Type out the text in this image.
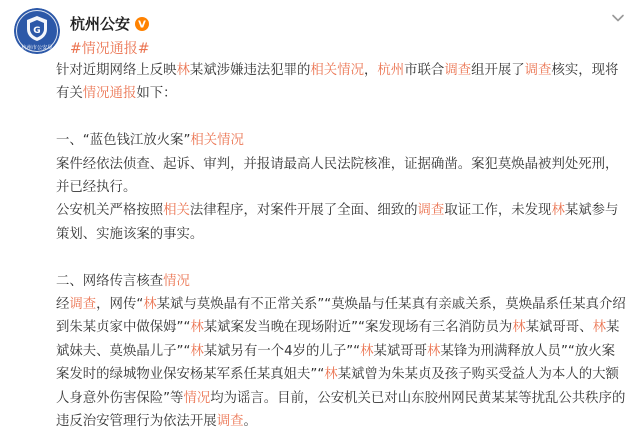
G
杭州市公安局
杭州公安 V
#情况通报#

针对近期网络上反映林某斌涉嫌违法犯罪的相关情况，杭州市联合调查组开展了调查核实，现将有关情况通报如下：

一、“蓝色钱江放火案”相关情况

案件经依法侦查、起诉、审判，并报请最高人民法院核准，证据确凿。案犯莫焕晶被判处死刑，并已经执行。

公安机关严格按照相关法律程序，对案件开展了全面、细致的调查取证工作，未发现林某斌参与策划、实施该案的事实。

二、网络传言核查情况

经调查，网传“林某斌与莫焕晶有不正常关系”“莫焕晶与任某真有亲戚关系，莫焕晶系任某真介绍到朱某贞家中做保姆”“林某斌案发当晚在现场附近”“案发现场有三名消防员为林某斌哥哥、林某斌妹夫、莫焕晶儿子”“林某斌另有一个4岁的儿子”“林某斌哥哥林某锋为刑满释放人员”“放火案案发时的绿城物业保安杨某军系任某真姐夫”“林某斌曾为朱某贞及孩子购买受益人为本人的大额人身意外伤害保险”等情况均为谣言。目前，公安机关已对山东胶州网民黄某某等扰乱公共秩序的违反治安管理行为依法开展调查。
